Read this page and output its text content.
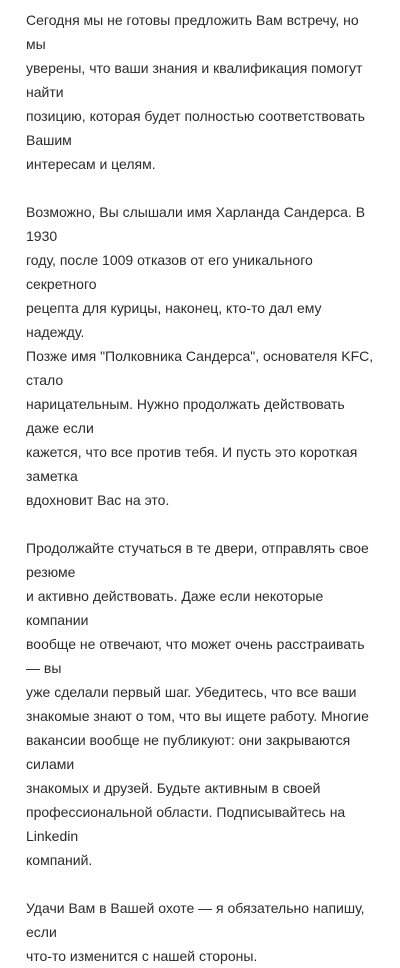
Сегодня мы не готовы предложить Вам встречу, но мы
уверены, что ваши знания и квалификация помогут найти
позицию, которая будет полностью соответствовать Вашим
интересам и целям.

Возможно, Вы слышали имя Харланда Сандерса. В 1930
году, после 1009 отказов от его уникального секретного
рецепта для курицы, наконец, кто-то дал ему надежду.
Позже имя "Полковника Сандерса", основателя KFC, стало
нарицательным. Нужно продолжать действовать даже если
кажется, что все против тебя. И пусть это короткая заметка
вдохновит Вас на это.

Продолжайте стучаться в те двери, отправлять свое резюме
и активно действовать. Даже если некоторые компании
вообще не отвечают, что может очень расстраивать — вы
уже сделали первый шаг. Убедитесь, что все ваши
знакомые знают о том, что вы ищете работу. Многие
вакансии вообще не публикуют: они закрываются силами
знакомых и друзей. Будьте активным в своей
профессиональной области. Подписывайтесь на Linkedin
компаний.

Удачи Вам в Вашей охоте — я обязательно напишу, если
что-то изменится с нашей стороны.
